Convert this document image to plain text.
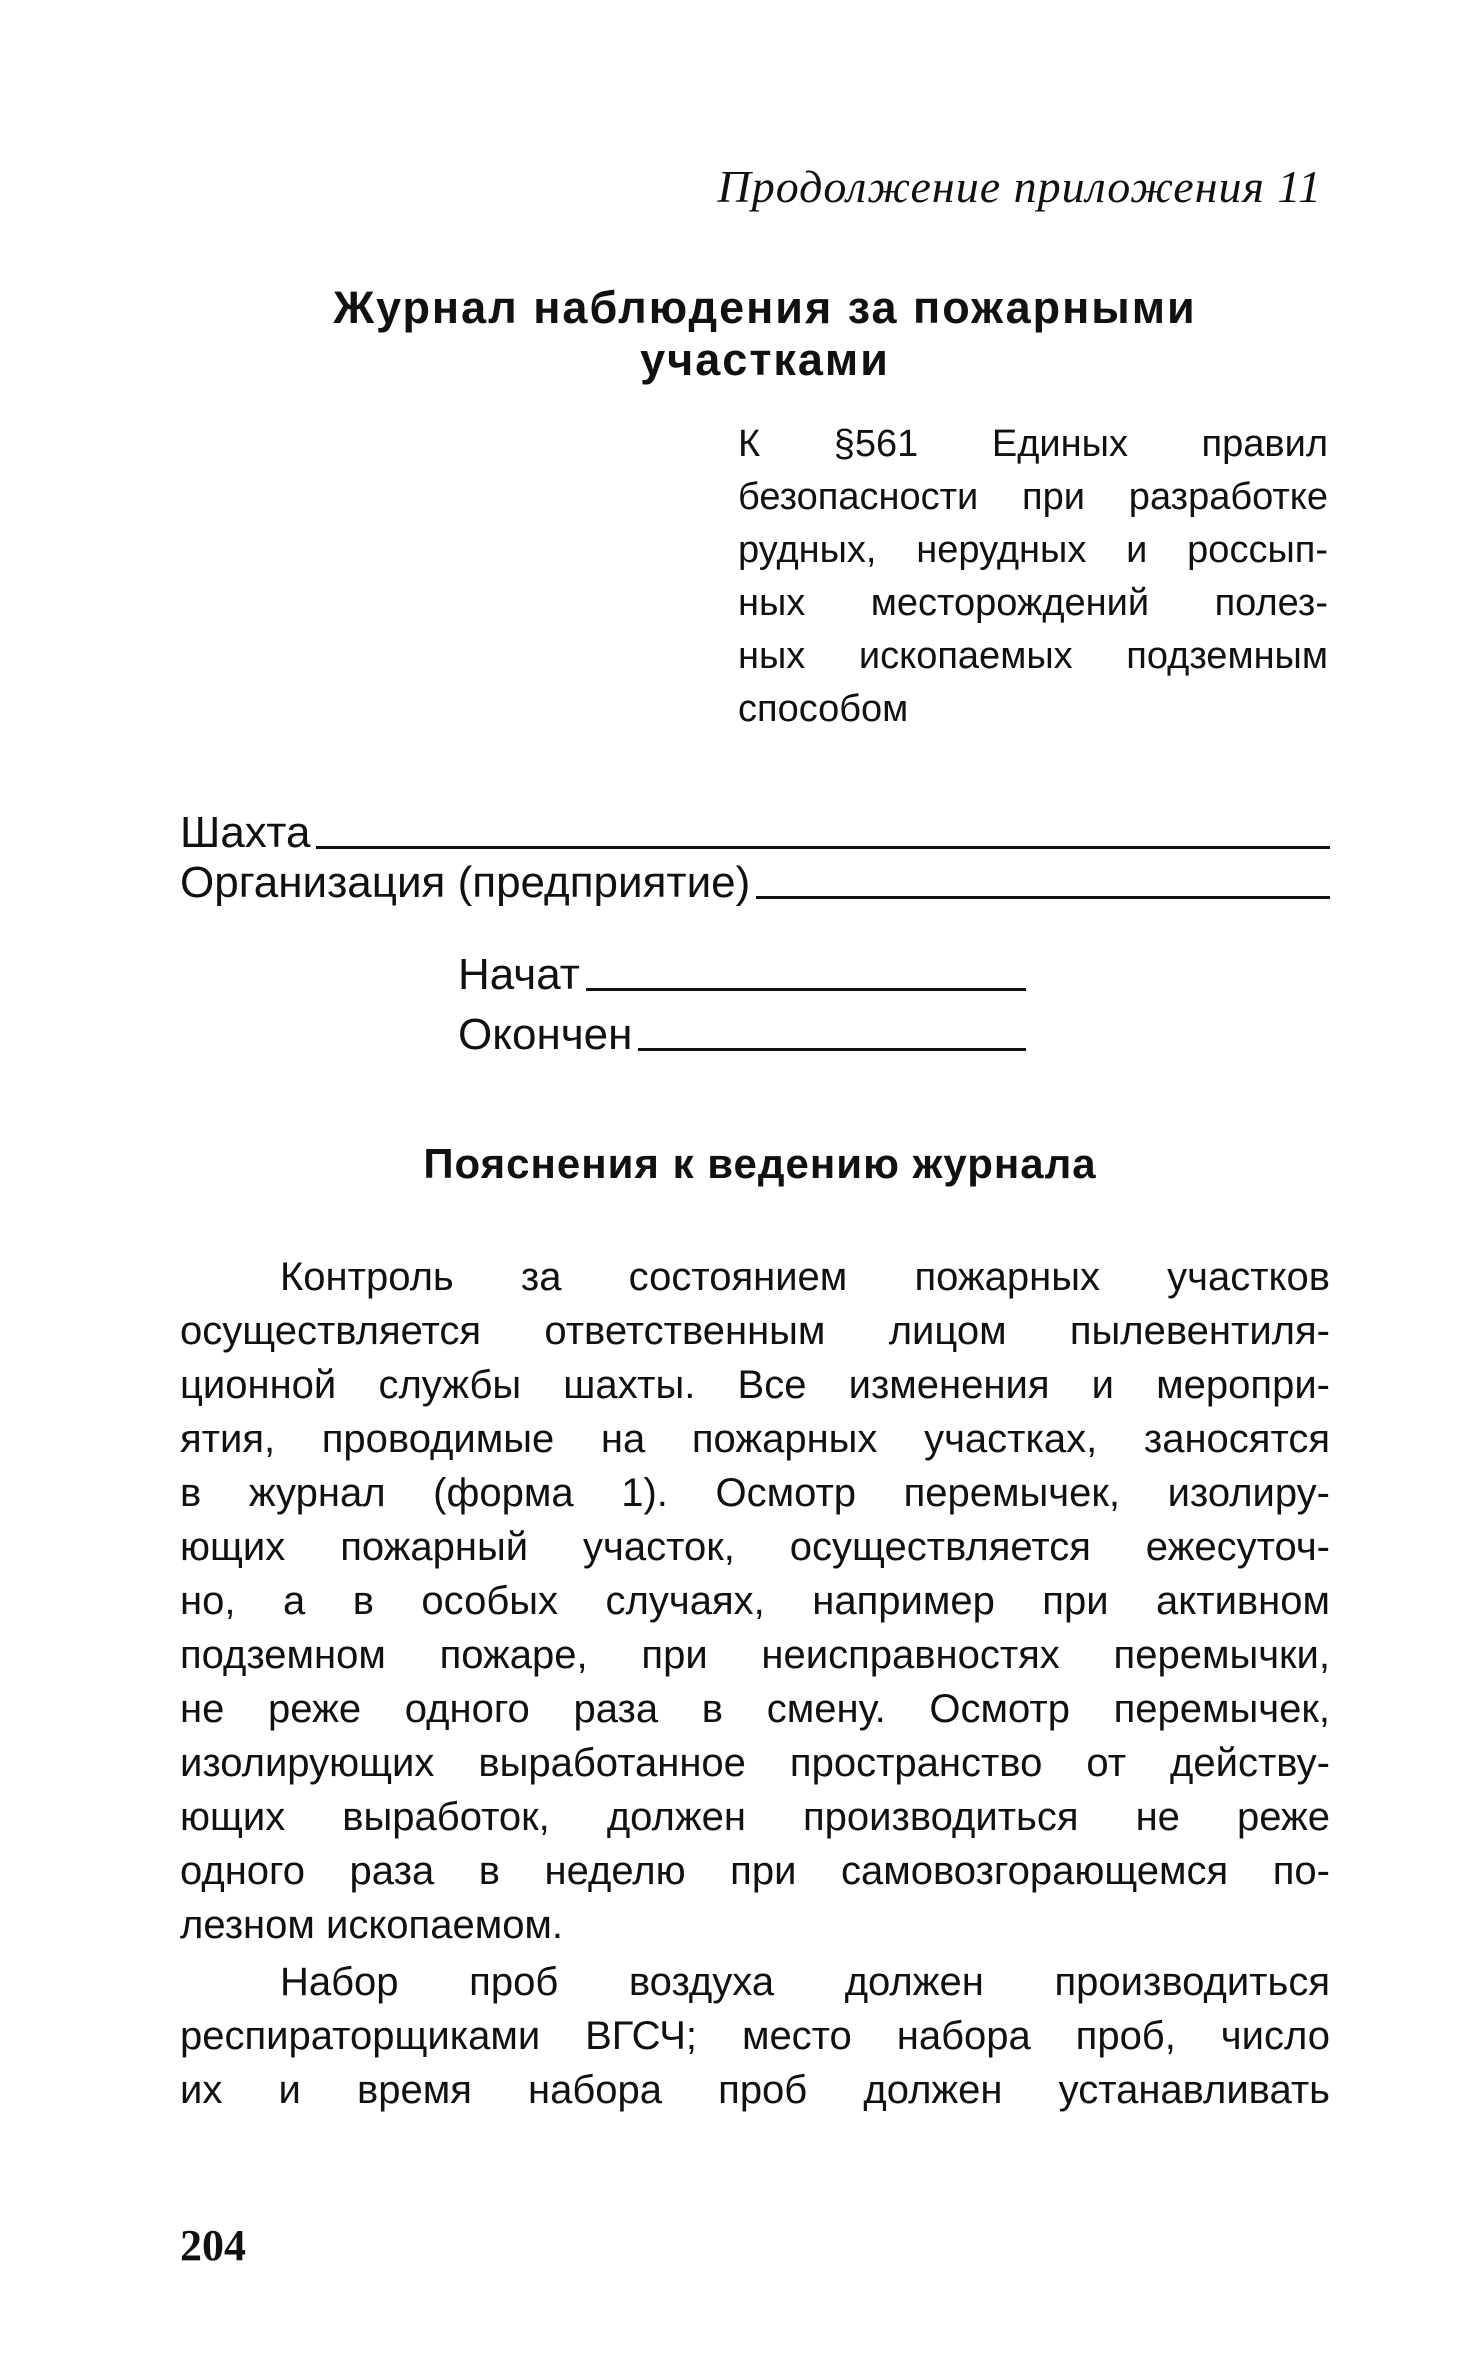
Продолжение приложения 11
Журнал наблюдения за пожарными участками
К §561 Единых правил
безопасности при разработке
рудных, нерудных и россып-
ных месторождений полез-
ных ископаемых подземным
способом
Шахта
Организация (предприятие)
Начат
Окончен
Пояснения к ведению журнала
Контроль за состоянием пожарных участков
осуществляется ответственным лицом пылевентиля-
ционной службы шахты. Все изменения и меропри-
ятия, проводимые на пожарных участках, заносятся
в журнал (форма 1). Осмотр перемычек, изолиру-
ющих пожарный участок, осуществляется ежесуточ-
но, а в особых случаях, например при активном
подземном пожаре, при неисправностях перемычки,
не реже одного раза в смену. Осмотр перемычек,
изолирующих выработанное пространство от действу-
ющих выработок, должен производиться не реже
одного раза в неделю при самовозгорающемся по-
лезном ископаемом.
Набор проб воздуха должен производиться
респираторщиками ВГСЧ; место набора проб, число
их и время набора проб должен устанавливать
204
